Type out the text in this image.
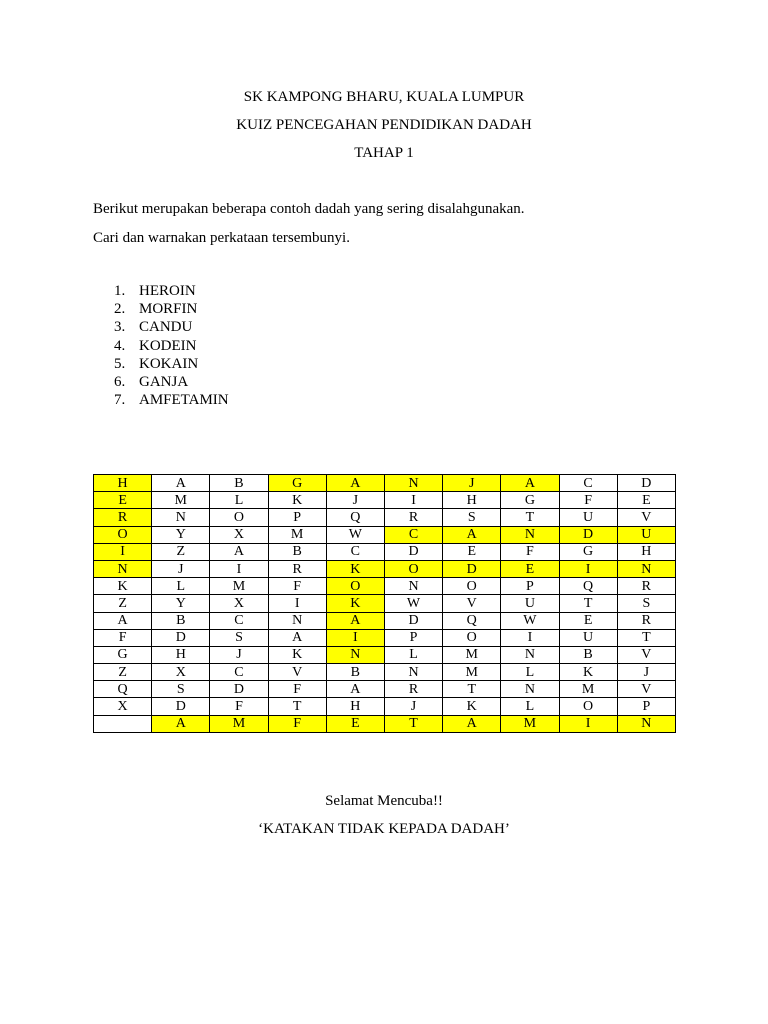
SK KAMPONG BHARU, KUALA LUMPUR
KUIZ PENCEGAHAN PENDIDIKAN DADAH
TAHAP 1
Berikut merupakan beberapa contoh dadah yang sering disalahgunakan.
Cari dan warnakan perkataan tersembunyi.
1. HEROIN
2. MORFIN
3. CANDU
4. KODEIN
5. KOKAIN
6. GANJA
7. AMFETAMIN
H	A	B	G	A	N	J	A	C	D
E	M	L	K	J	I	H	G	F	E
R	N	O	P	Q	R	S	T	U	V
O	Y	X	M	W	C	A	N	D	U
I	Z	A	B	C	D	E	F	G	H
N	J	I	R	K	O	D	E	I	N
K	L	M	F	O	N	O	P	Q	R
Z	Y	X	I	K	W	V	U	T	S
A	B	C	N	A	D	Q	W	E	R
F	D	S	A	I	P	O	I	U	T
G	H	J	K	N	L	M	N	B	V
Z	X	C	V	B	N	M	L	K	J
Q	S	D	F	A	R	T	N	M	V
X	D	F	T	H	J	K	L	O	P
	A	M	F	E	T	A	M	I	N
Selamat Mencuba!!
‘KATAKAN TIDAK KEPADA DADAH’
